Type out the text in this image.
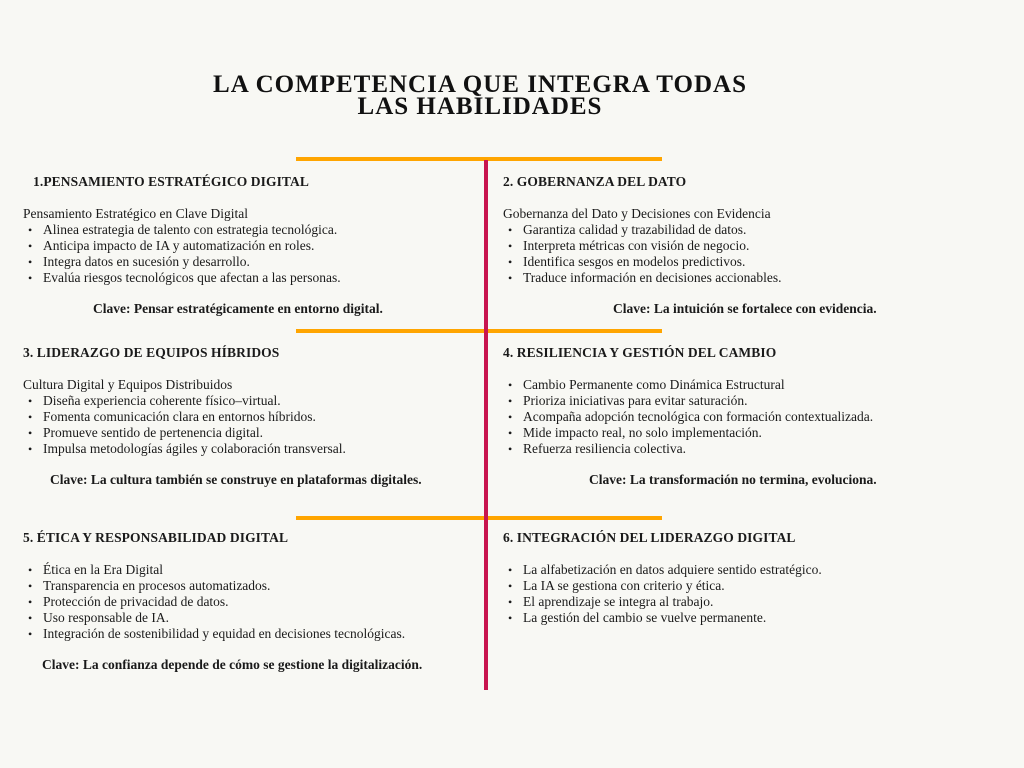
LA COMPETENCIA QUE INTEGRA TODAS
LAS HABILIDADES
1.PENSAMIENTO ESTRATÉGICO DIGITAL
Pensamiento Estratégico en Clave Digital
• Alinea estrategia de talento con estrategia tecnológica.
• Anticipa impacto de IA y automatización en roles.
• Integra datos en sucesión y desarrollo.
• Evalúa riesgos tecnológicos que afectan a las personas.
Clave: Pensar estratégicamente en entorno digital.
2. GOBERNANZA DEL DATO
Gobernanza del Dato y Decisiones con Evidencia
• Garantiza calidad y trazabilidad de datos.
• Interpreta métricas con visión de negocio.
• Identifica sesgos en modelos predictivos.
• Traduce información en decisiones accionables.
Clave: La intuición se fortalece con evidencia.
3. LIDERAZGO DE EQUIPOS HÍBRIDOS
Cultura Digital y Equipos Distribuidos
• Diseña experiencia coherente físico–virtual.
• Fomenta comunicación clara en entornos híbridos.
• Promueve sentido de pertenencia digital.
• Impulsa metodologías ágiles y colaboración transversal.
Clave: La cultura también se construye en plataformas digitales.
4. RESILIENCIA Y GESTIÓN DEL CAMBIO
• Cambio Permanente como Dinámica Estructural
• Prioriza iniciativas para evitar saturación.
• Acompaña adopción tecnológica con formación contextualizada.
• Mide impacto real, no solo implementación.
• Refuerza resiliencia colectiva.
Clave: La transformación no termina, evoluciona.
5. ÉTICA Y RESPONSABILIDAD DIGITAL
• Ética en la Era Digital
• Transparencia en procesos automatizados.
• Protección de privacidad de datos.
• Uso responsable de IA.
• Integración de sostenibilidad y equidad en decisiones tecnológicas.
Clave: La confianza depende de cómo se gestione la digitalización.
6. INTEGRACIÓN DEL LIDERAZGO DIGITAL
• La alfabetización en datos adquiere sentido estratégico.
• La IA se gestiona con criterio y ética.
• El aprendizaje se integra al trabajo.
• La gestión del cambio se vuelve permanente.
